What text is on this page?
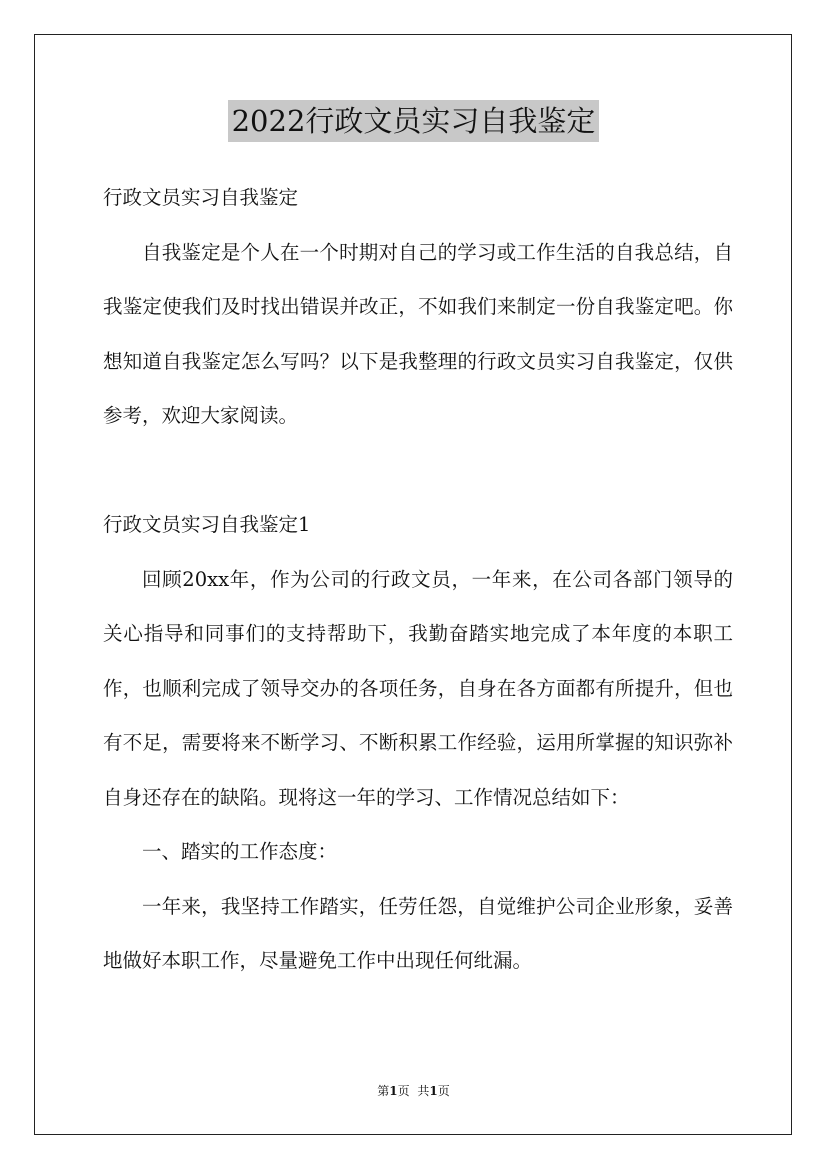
2022行政文员实习自我鉴定

行政文员实习自我鉴定

自我鉴定是个人在一个时期对自己的学习或工作生活的自我总结，自我鉴定使我们及时找出错误并改正，不如我们来制定一份自我鉴定吧。你想知道自我鉴定怎么写吗？以下是我整理的行政文员实习自我鉴定，仅供参考，欢迎大家阅读。

行政文员实习自我鉴定1

回顾20xx年，作为公司的行政文员，一年来，在公司各部门领导的关心指导和同事们的支持帮助下，我勤奋踏实地完成了本年度的本职工作，也顺利完成了领导交办的各项任务，自身在各方面都有所提升，但也有不足，需要将来不断学习、不断积累工作经验，运用所掌握的知识弥补自身还存在的缺陷。现将这一年的学习、工作情况总结如下：

一、踏实的工作态度：

一年来，我坚持工作踏实，任劳任怨，自觉维护公司企业形象，妥善地做好本职工作，尽量避免工作中出现任何纰漏。

第1页 共1页
